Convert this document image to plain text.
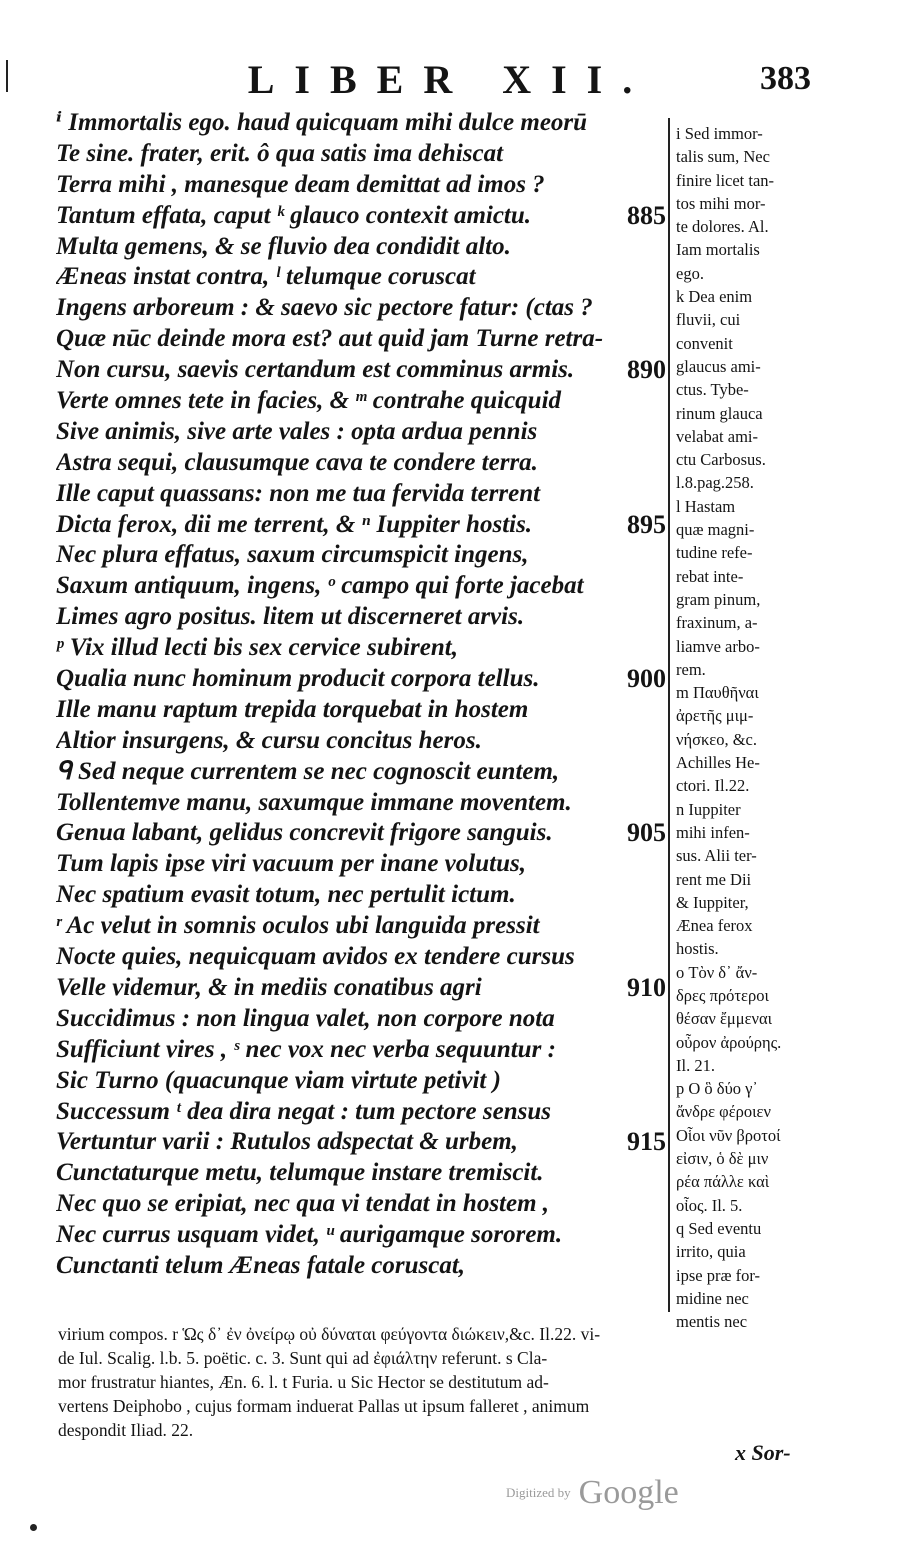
LIBER XII.	383
ⁱ Immortalis ego. haud quicquam mihi dulce meorū
Te sine. frater, erit. ô qua satis ima dehiscat
Terra mihi , manesque deam demittat ad imos ?
Tantum effata, caput ᵏ glauco contexit amictu.	885
Multa gemens, & se fluvio dea condidit alto.
Æneas instat contra, ˡ telumque coruscat
Ingens arboreum : & saevo sic pectore fatur: (ctas ?
Quæ nūc deinde mora est? aut quid jam Turne retra-
Non cursu, saevis certandum est comminus armis. 890
Verte omnes tete in facies, & ᵐ contrahe quicquid
Sive animis, sive arte vales : opta ardua pennis
Astra sequi, clausumque cava te condere terra.
Ille caput quassans: non me tua fervida terrent
Dicta ferox, dii me terrent, & ⁿ Iuppiter hostis.	895
Nec plura effatus, saxum circumspicit ingens,
Saxum antiquum, ingens, ᵒ campo qui forte jacebat
Limes agro positus. litem ut discerneret arvis.
ᵖ Vix illud lecti bis sex cervice subirent,
Qualia nunc hominum producit corpora tellus.	900
Ille manu raptum trepida torquebat in hostem
Altior insurgens, & cursu concitus heros.
ᑫ Sed neque currentem se nec cognoscit euntem,
Tollentemve manu, saxumque immane moventem.
Genua labant, gelidus concrevit frigore sanguis.	905
Tum lapis ipse viri vacuum per inane volutus,
Nec spatium evasit totum, nec pertulit ictum.
ʳ Ac velut in somnis oculos ubi languida pressit
Nocte quies, nequicquam avidos ex tendere cursus
Velle videmur, & in mediis conatibus agri	910
Succidimus : non lingua valet, non corpore nota
Sufficiunt vires , ˢ nec vox nec verba sequuntur :
Sic Turno (quacunque viam virtute petivit )
Successum ᵗ dea dira negat : tum pectore sensus
Vertuntur varii : Rutulos adspectat & urbem,	915
Cunctaturque metu, telumque instare tremiscit.
Nec quo se eripiat, nec qua vi tendat in hostem ,
Nec currus usquam videt, ᵘ aurigamque sororem.
Cunctanti telum Æneas fatale coruscat,
i Sed immor-
talis sum, Nec
finire licet tan-
tos mihi mor-
te dolores. Al.
Iam mortalis
ego.
k Dea enim
fluvii, cui
convenit
glaucus ami-
ctus. Tybe-
rinum glauca
velabat ami-
ctu Carbosus.
l.8.pag.258.
l Hastam
quæ magni-
tudine refe-
rebat inte-
gram pinum,
fraxinum, a-
liamve arbo-
rem.
m Παυθῆναι
ἀρετῆς μιμ-
νήσκεο, &c.
Achilles He-
ctori. Il.22.
n Iuppiter
mihi infen-
sus. Alii ter-
rent me Dii
& Iuppiter,
Ænea ferox
hostis.
o Τὸν δ᾽ ἄν-
δρες πρότεροι
θέσαν ἔμμεναι
οὖρον ἀρούρης.
Il. 21.
p O ὃ δύο γ᾽
ἄνδρε φέροιεν
Οἷοι νῦν βροτοί
εἰσιν, ὁ δὲ μιν
ρέα πάλλε καὶ
οἶος. Il. 5.
q Sed eventu
irrito, quia
ipse præ for-
midine nec
mentis nec
virium compos. r Ὡς δ᾽ ἐν ὀνείρῳ οὐ δύναται φεύγοντα διώκειν,&c. Il.22. vi-
de Iul. Scalig. l.b. 5. poëtic. c. 3. Sunt qui ad ἐφιάλτην referunt. s Cla-
mor frustratur hiantes, Æn. 6. l. t Furia. u Sic Hector se destitutum ad-
vertens Deiphobo , cujus formam induerat Pallas ut ipsum falleret , animum
despondit Iliad. 22.
x Sor-
Digitized by Google
